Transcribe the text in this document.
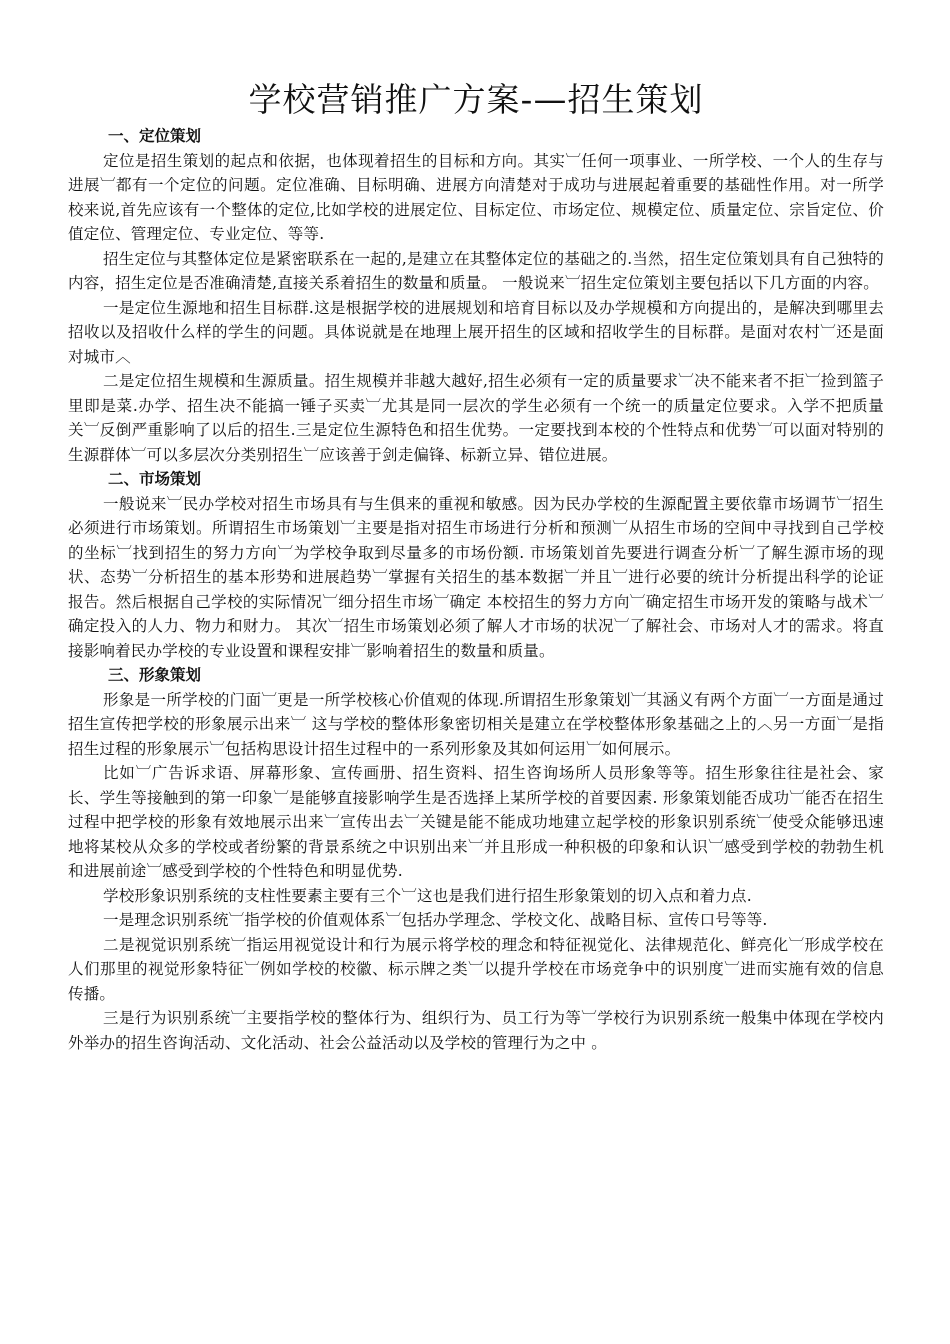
学校营销推广方案-—招生策划
一、定位策划

定位是招生策划的起点和依据，也体现着招生的目标和方向。其实︺任何一项事业、一所学校、一个人的生存与进展︺都有一个定位的问题。定位准确、目标明确、进展方向清楚对于成功与进展起着重要的基础性作用。对一所学校来说,首先应该有一个整体的定位,比如学校的进展定位、目标定位、市场定位、规模定位、质量定位、宗旨定位、价值定位、管理定位、专业定位、等等.

招生定位与其整体定位是紧密联系在一起的,是建立在其整体定位的基础之的.当然，招生定位策划具有自己独特的内容，招生定位是否准确清楚,直接关系着招生的数量和质量。 一般说来︺招生定位策划主要包括以下几方面的内容。

一是定位生源地和招生目标群.这是根据学校的进展规划和培育目标以及办学规模和方向提出的，是解决到哪里去招收以及招收什么样的学生的问题。具体说就是在地理上展开招生的区域和招收学生的目标群。是面对农村︺还是面对城市︿

二是定位招生规模和生源质量。招生规模并非越大越好,招生必须有一定的质量要求︺决不能来者不拒︺捡到篮子里即是菜.办学、招生决不能搞一锤子买卖︺尤其是同一层次的学生必须有一个统一的质量定位要求。入学不把质量关︺反倒严重影响了以后的招生.三是定位生源特色和招生优势。一定要找到本校的个性特点和优势︺可以面对特别的生源群体︺可以多层次分类别招生︺应该善于剑走偏锋、标新立异、错位进展。

二、市场策划

一般说来︺民办学校对招生市场具有与生俱来的重视和敏感。因为民办学校的生源配置主要依靠市场调节︺招生必须进行市场策划。所谓招生市场策划︺主要是指对招生市场进行分析和预测︺从招生市场的空间中寻找到自己学校的坐标︺找到招生的努力方向︺为学校争取到尽量多的市场份额. 市场策划首先要进行调查分析︺了解生源市场的现状、态势︺分析招生的基本形势和进展趋势︺掌握有关招生的基本数据︺并且︺进行必要的统计分析提出科学的论证报告。然后根据自己学校的实际情况︺细分招生市场︺确定 本校招生的努力方向︺确定招生市场开发的策略与战术︺确定投入的人力、物力和财力。 其次︺招生市场策划必须了解人才市场的状况︺了解社会、市场对人才的需求。将直接影响着民办学校的专业设置和课程安排︺影响着招生的数量和质量。

三、形象策划

形象是一所学校的门面︺更是一所学校核心价值观的体现.所谓招生形象策划︺其涵义有两个方面︺一方面是通过招生宣传把学校的形象展示出来︺ 这与学校的整体形象密切相关是建立在学校整体形象基础之上的︿另一方面︺是指招生过程的形象展示︺包括构思设计招生过程中的一系列形象及其如何运用︺如何展示。

比如︺广告诉求语、屏幕形象、宣传画册、招生资料、招生咨询场所人员形象等等。招生形象往往是社会、家长、学生等接触到的第一印象︺是能够直接影响学生是否选择上某所学校的首要因素. 形象策划能否成功︺能否在招生过程中把学校的形象有效地展示出来︺宣传出去︺关键是能不能成功地建立起学校的形象识别系统︺使受众能够迅速地将某校从众多的学校或者纷繁的背景系统之中识别出来︺并且形成一种积极的印象和认识︺感受到学校的勃勃生机和进展前途︺感受到学校的个性特色和明显优势.

学校形象识别系统的支柱性要素主要有三个︺这也是我们进行招生形象策划的切入点和着力点.

一是理念识别系统︺指学校的价值观体系︺包括办学理念、学校文化、战略目标、宣传口号等等.

二是视觉识别系统︺指运用视觉设计和行为展示将学校的理念和特征视觉化、法律规范化、鲜亮化︺形成学校在人们那里的视觉形象特征︺例如学校的校徽、标示牌之类︺以提升学校在市场竞争中的识别度︺进而实施有效的信息传播。

三是行为识别系统︺主要指学校的整体行为、组织行为、员工行为等︺学校行为识别系统一般集中体现在学校内外举办的招生咨询活动、文化活动、社会公益活动以及学校的管理行为之中 。
